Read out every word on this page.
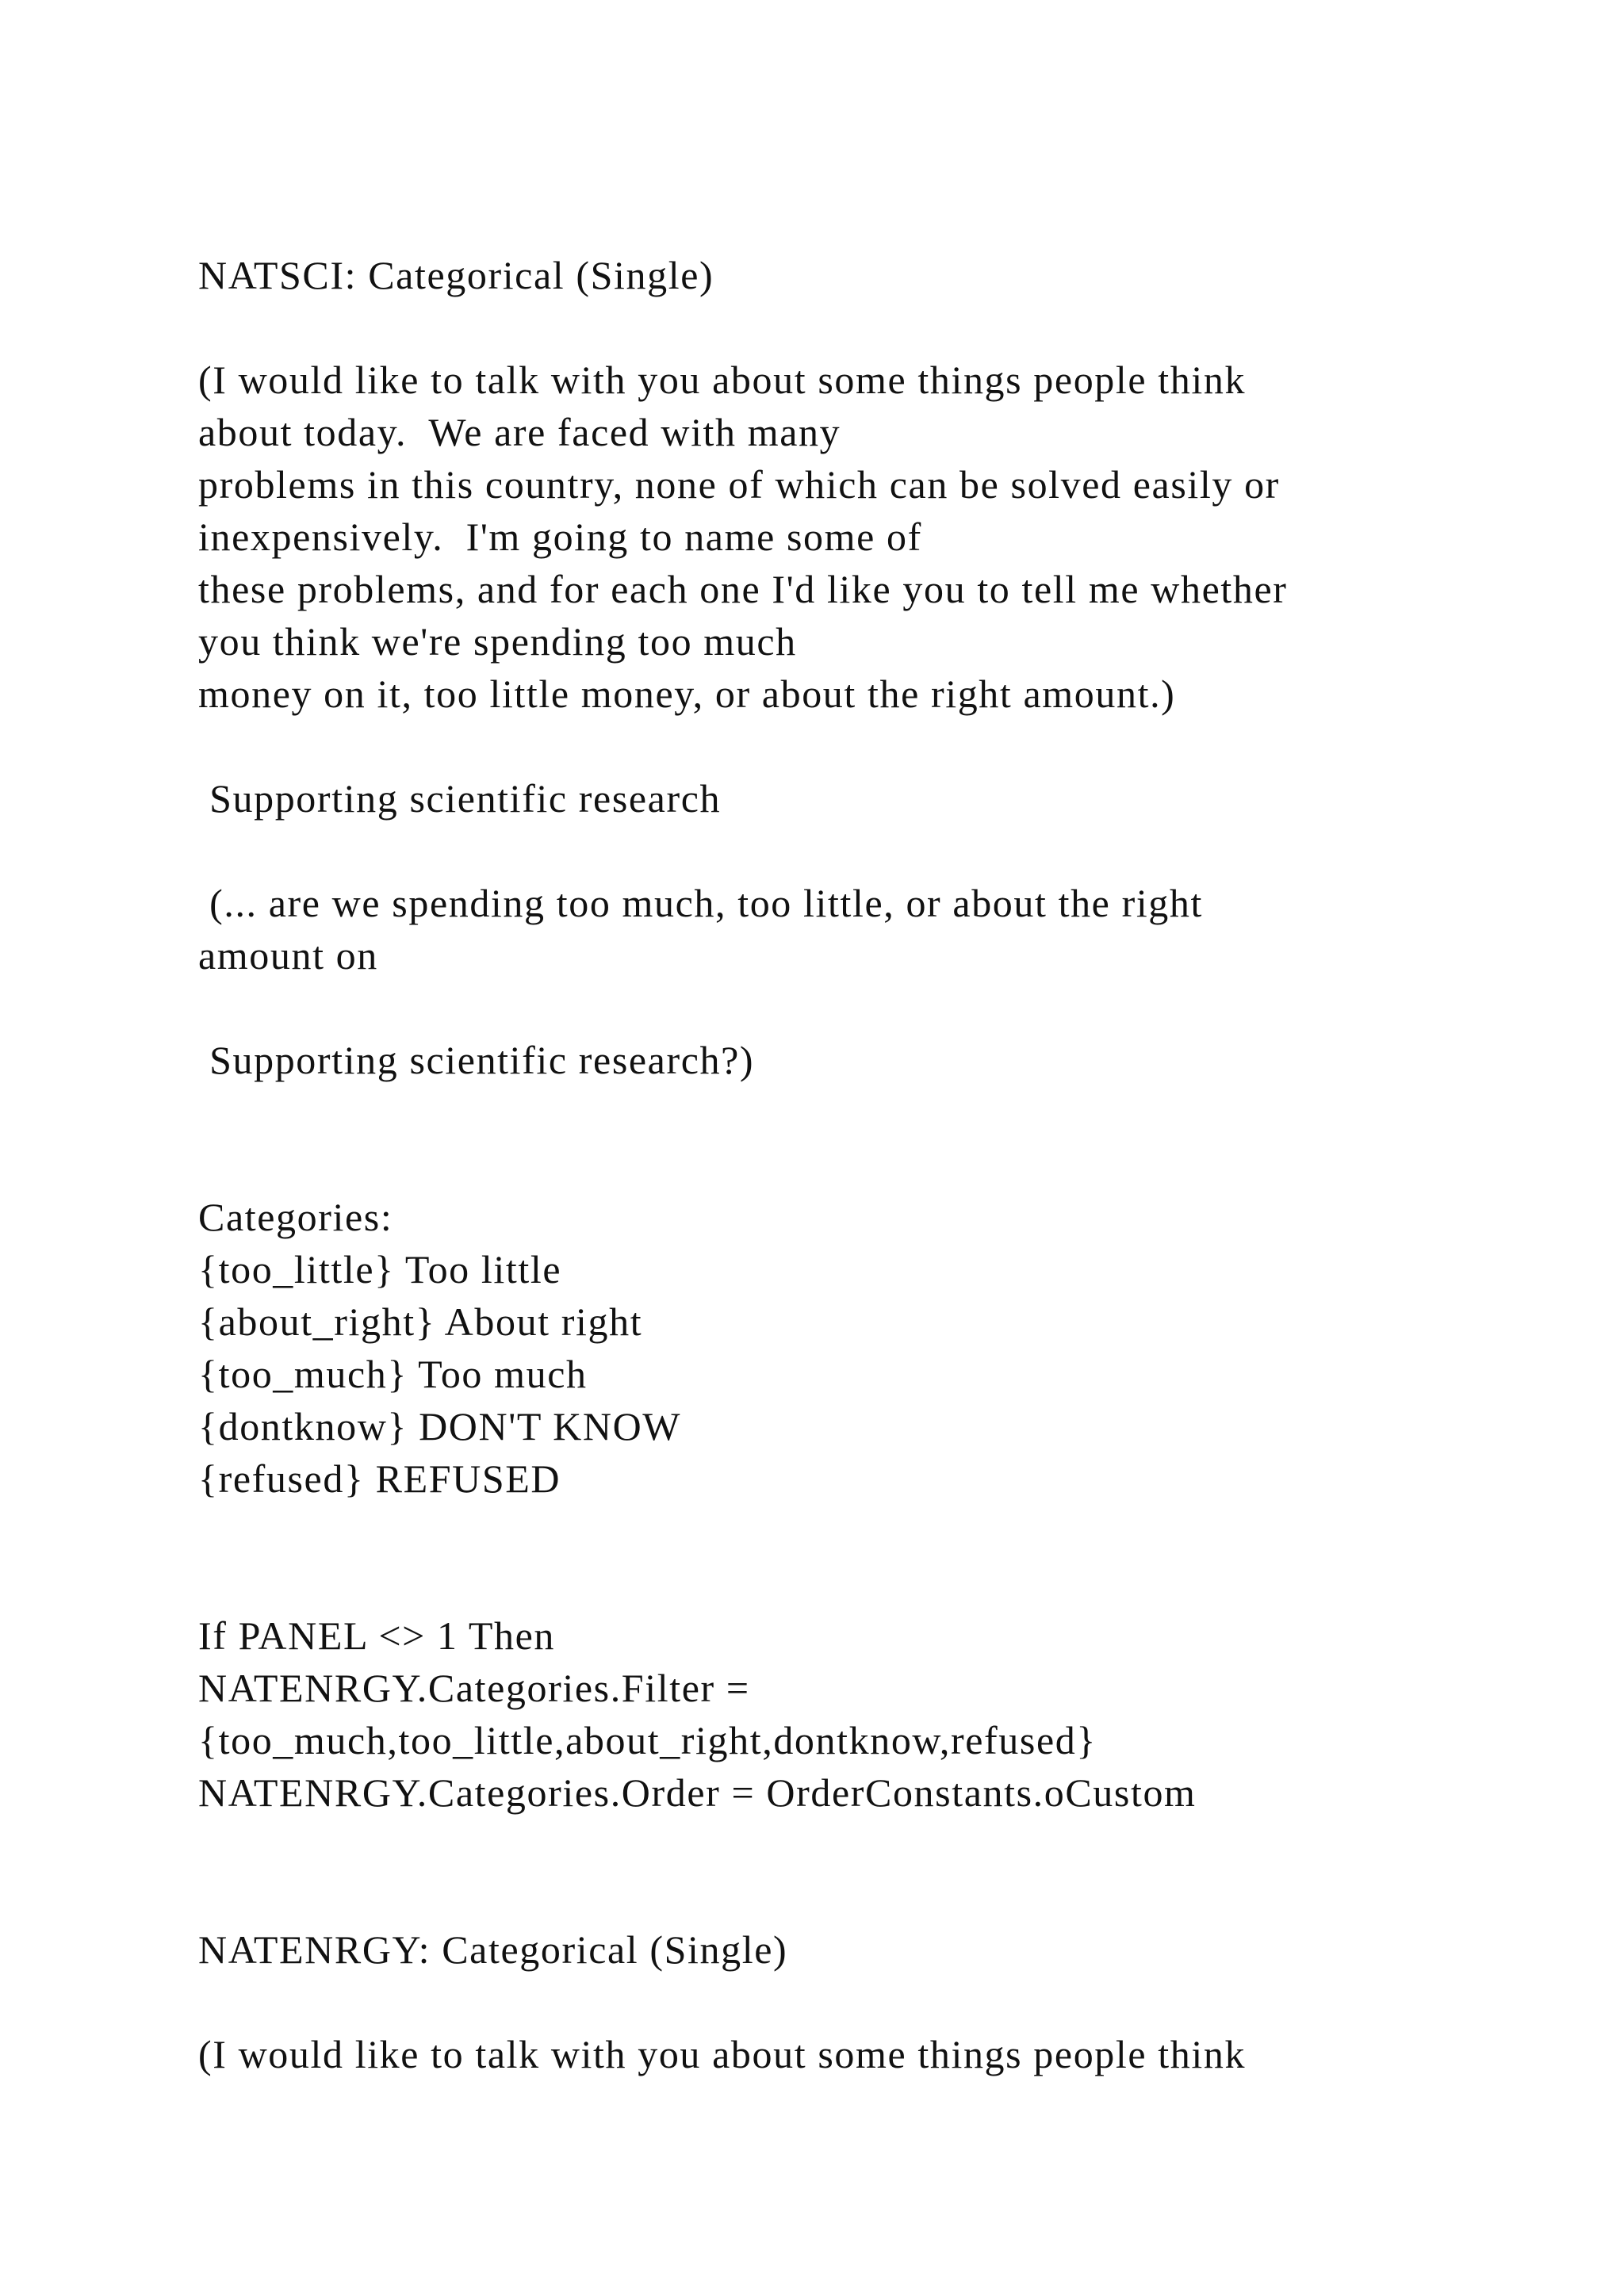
NATSCI: Categorical (Single)

(I would like to talk with you about some things people think

about today.  We are faced with many

problems in this country, none of which can be solved easily or

inexpensively.  I'm going to name some of

these problems, and for each one I'd like you to tell me whether

you think we're spending too much

money on it, too little money, or about the right amount.)

Supporting scientific research

(... are we spending too much, too little, or about the right

amount on

Supporting scientific research?)

Categories:

{too_little} Too little

{about_right} About right

{too_much} Too much

{dontknow} DON'T KNOW

{refused} REFUSED

If PANEL <> 1 Then

NATENRGY.Categories.Filter =

{too_much,too_little,about_right,dontknow,refused}

NATENRGY.Categories.Order = OrderConstants.oCustom

NATENRGY: Categorical (Single)

(I would like to talk with you about some things people think
